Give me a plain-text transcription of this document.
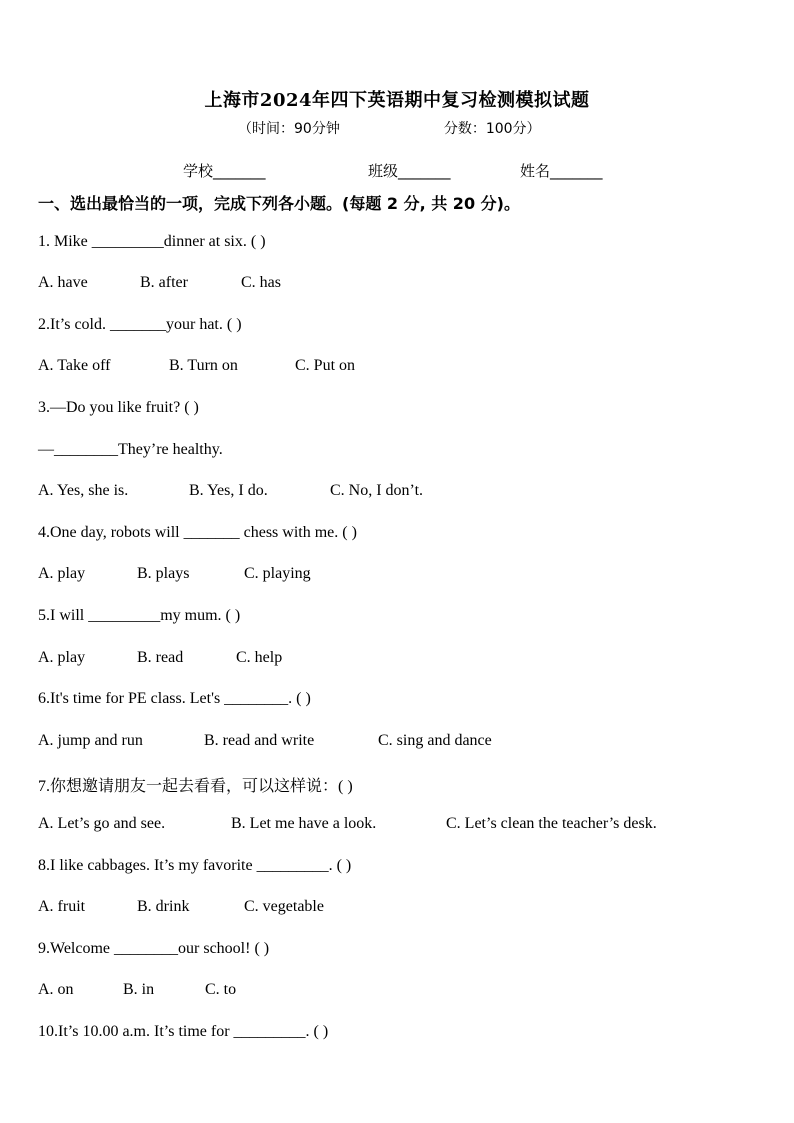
上海市2024年四下英语期中复习检测模拟试题
（时间：90分钟	分数：100分）
学校_______	班级_______	姓名_______
一、选出最恰当的一项，完成下列各小题。(每题 2 分, 共 20 分)。
1. Mike _________dinner at six. ( )
A. have	B. after	C. has
2.It’s cold. _______your hat. ( )
A. Take off	B. Turn on	C. Put on
3.—Do you like fruit? ( )
—________They’re healthy.
A. Yes, she is.	B. Yes, I do.	C. No, I don’t.
4.One day, robots will _______ chess with me. ( )
A. play	B. plays	C. playing
5.I will _________my mum. ( )
A. play	B. read	C. help
6.It's time for PE class. Let's ________. ( )
A. jump and run	B. read and write	C. sing and dance
7.你想邀请朋友一起去看看，可以这样说：( )
A. Let’s go and see.	B. Let me have a look.	C. Let’s clean the teacher’s desk.
8.I like cabbages. It’s my favorite _________. ( )
A. fruit	B. drink	C. vegetable
9.Welcome ________our school! ( )
A. on	B. in	C. to
10.It’s 10.00 a.m. It’s time for _________. ( )
